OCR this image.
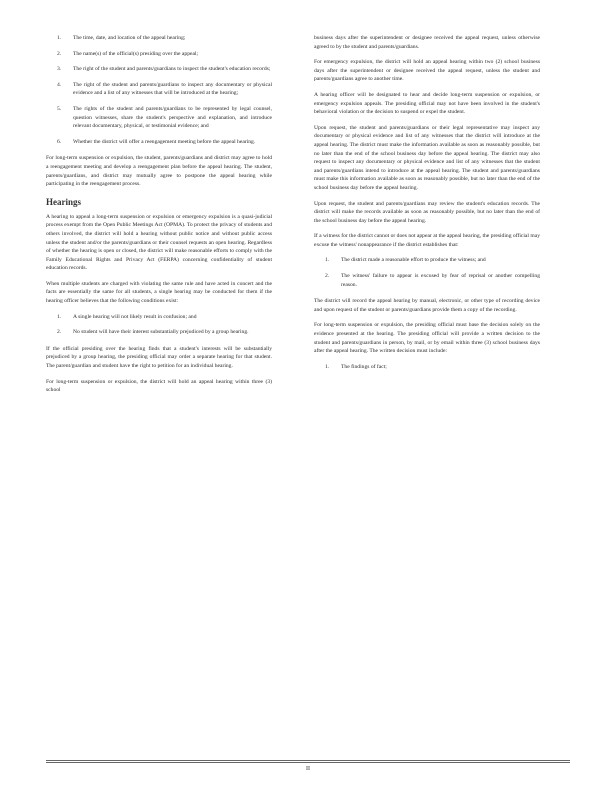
1.	The time, date, and location of the appeal hearing;
2.	The name(s) of the official(s) presiding over the appeal;
3.	The right of the student and parents/guardians to inspect the student's education records;
4.	The right of the student and parents/guardians to inspect any documentary or physical evidence and a list of any witnesses that will be introduced at the hearing;
5.	The rights of the student and parents/guardians to be represented by legal counsel, question witnesses, share the student's perspective and explanation, and introduce relevant documentary, physical, or testimonial evidence; and
6.	Whether the district will offer a reengagement meeting before the appeal hearing.

For long-term suspension or expulsion, the student, parents/guardians and district may agree to hold a reengagement meeting and develop a reengagement plan before the appeal hearing. The student, parents/guardians, and district may mutually agree to postpone the appeal hearing while participating in the reengagement process.

Hearings

A hearing to appeal a long-term suspension or expulsion or emergency expulsion is a quasi-judicial process exempt from the Open Public Meetings Act (OPMA). To protect the privacy of students and others involved, the district will hold a hearing without public notice and without public access unless the student and/or the parents/guardians or their counsel requests an open hearing. Regardless of whether the hearing is open or closed, the district will make reasonable efforts to comply with the Family Educational Rights and Privacy Act (FERPA) concerning confidentiality of student education records.

When multiple students are charged with violating the same rule and have acted in concert and the facts are essentially the same for all students, a single hearing may be conducted for them if the hearing officer believes that the following conditions exist:

1.	A single hearing will not likely result in confusion; and
2.	No student will have their interest substantially prejudiced by a group hearing.

If the official presiding over the hearing finds that a student's interests will be substantially prejudiced by a group hearing, the presiding official may order a separate hearing for that student. The parent/guardian and student have the right to petition for an individual hearing.

For long-term suspension or expulsion, the district will hold an appeal hearing within three (3) school

business days after the superintendent or designee received the appeal request, unless otherwise agreed to by the student and parents/guardians.

For emergency expulsion, the district will hold an appeal hearing within two (2) school business days after the superintendent or designee received the appeal request, unless the student and parents/guardians agree to another time.

A hearing officer will be designated to hear and decide long-term suspension or expulsion, or emergency expulsion appeals. The presiding official may not have been involved in the student's behavioral violation or the decision to suspend or expel the student.

Upon request, the student and parents/guardians or their legal representative may inspect any documentary or physical evidence and list of any witnesses that the district will introduce at the appeal hearing. The district must make the information available as soon as reasonably possible, but no later than the end of the school business day before the appeal hearing. The district may also request to inspect any documentary or physical evidence and list of any witnesses that the student and parents/guardians intend to introduce at the appeal hearing. The student and parents/guardians must make this information available as soon as reasonably possible, but no later than the end of the school business day before the appeal hearing.

Upon request, the student and parents/guardians may review the student's education records. The district will make the records available as soon as reasonably possible, but no later than the end of the school business day before the appeal hearing.

If a witness for the district cannot or does not appear at the appeal hearing, the presiding official may excuse the witness' nonappearance if the district establishes that:

1.	The district made a reasonable effort to produce the witness; and
2.	The witness' failure to appear is excused by fear of reprisal or another compelling reason.

The district will record the appeal hearing by manual, electronic, or other type of recording device and upon request of the student or parents/guardians provide them a copy of the recording.

For long-term suspension or expulsion, the presiding official must base the decision solely on the evidence presented at the hearing. The presiding official will provide a written decision to the student and parents/guardians in person, by mail, or by email within three (3) school business days after the appeal hearing. The written decision must include:

1.	The findings of fact;
II
